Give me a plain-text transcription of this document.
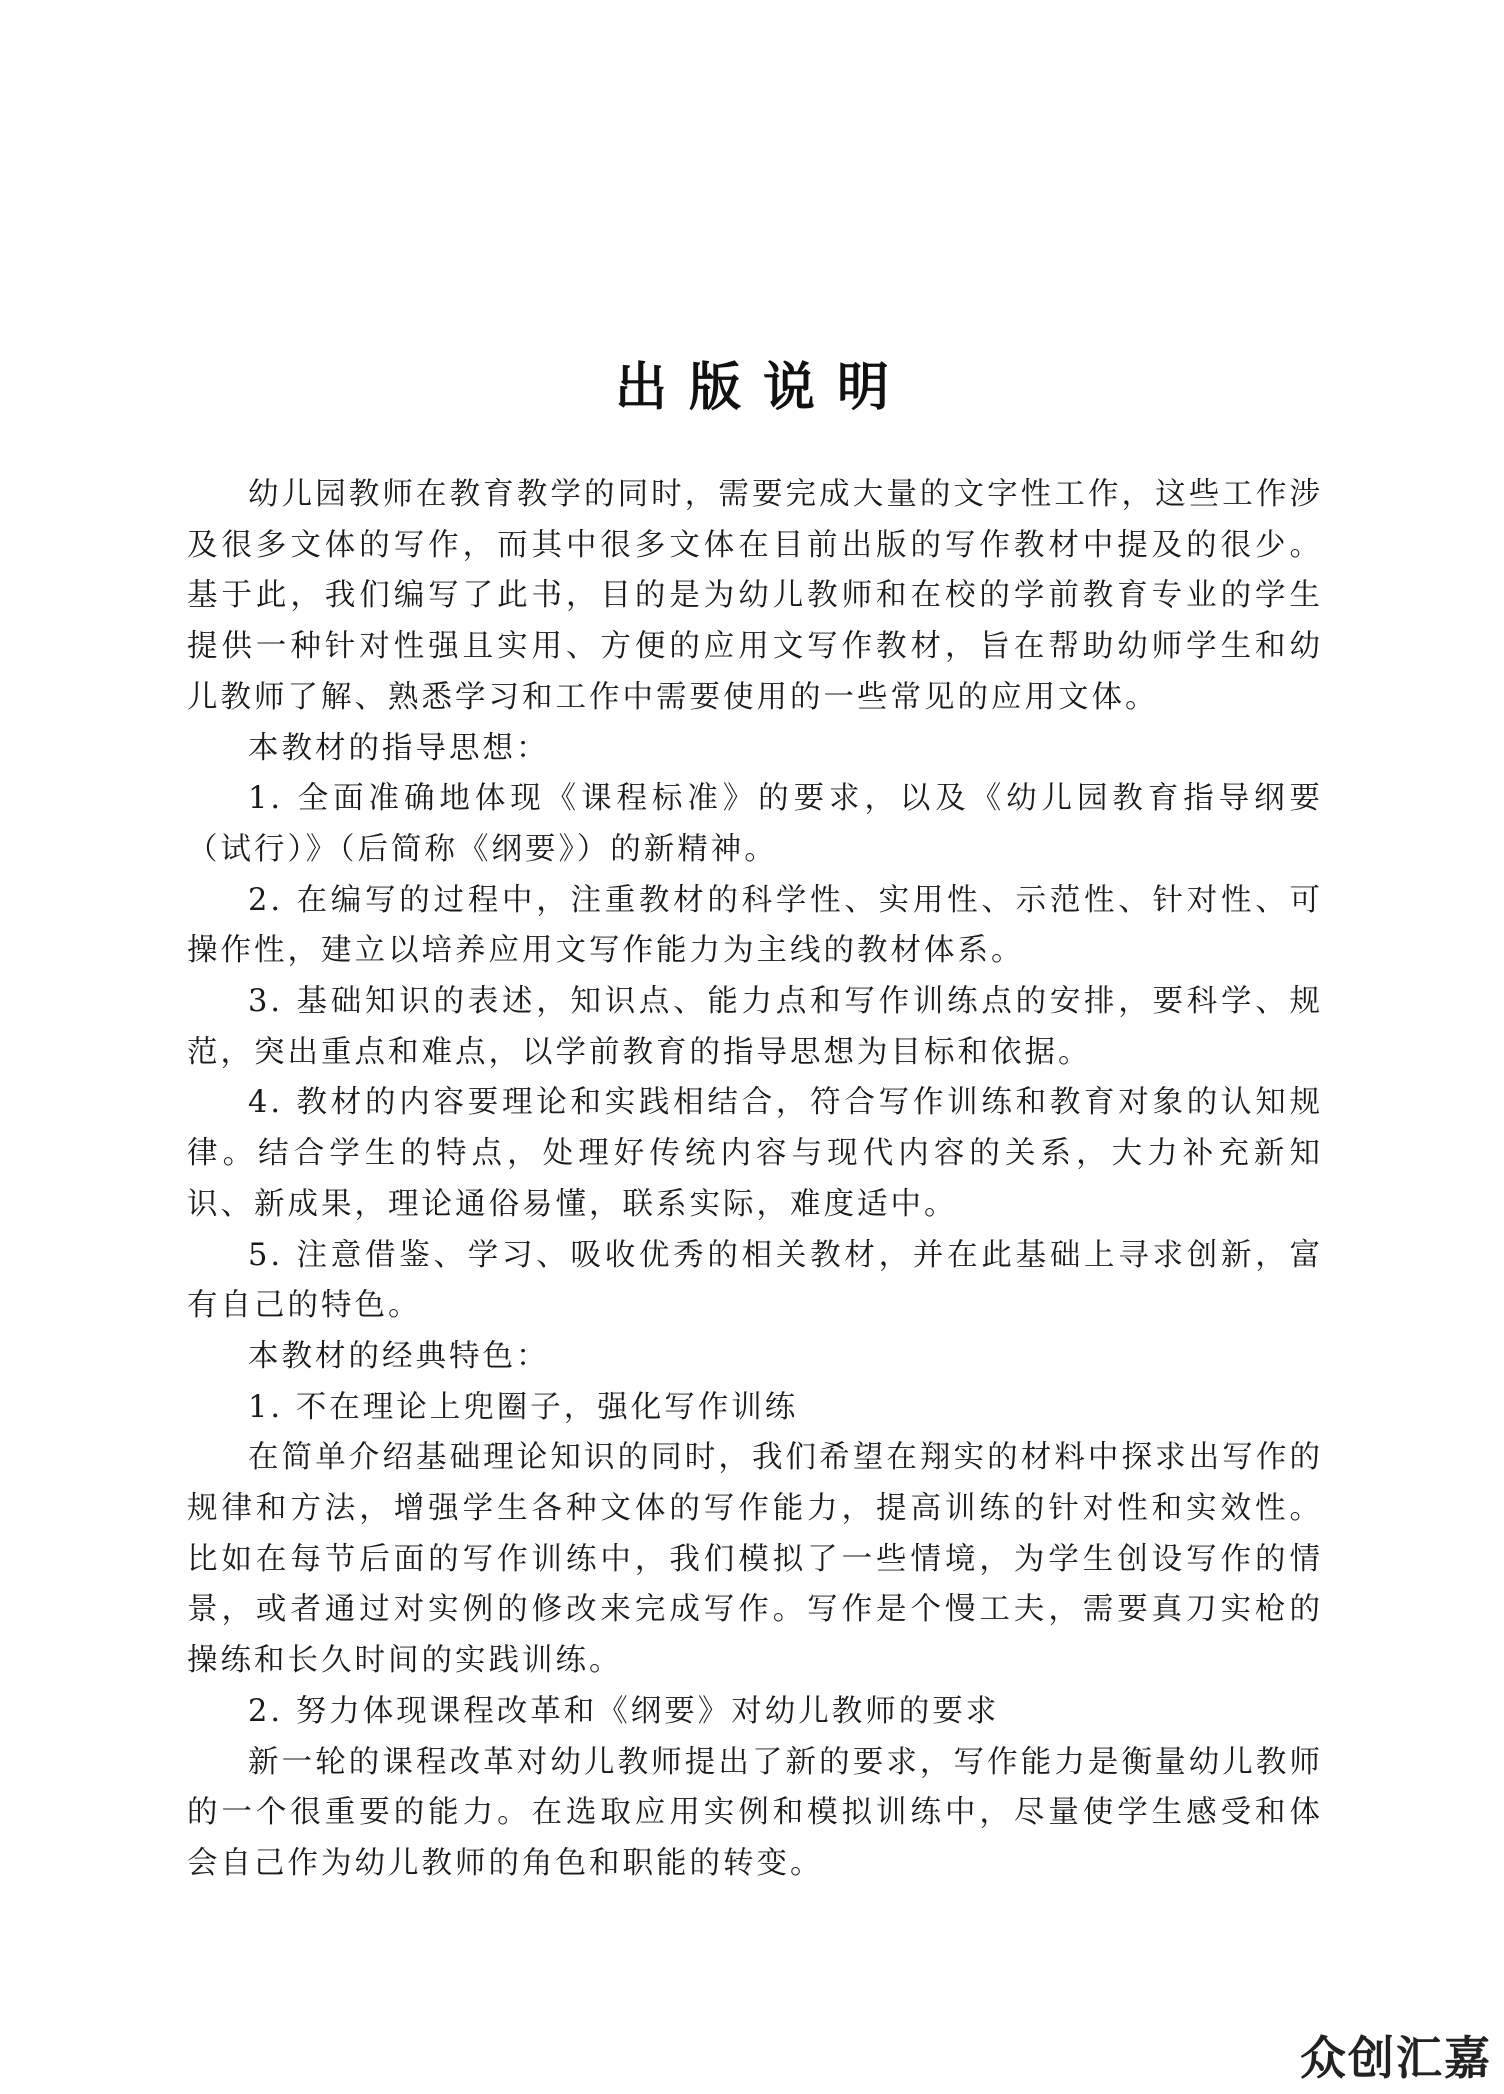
出版说明

幼儿园教师在教育教学的同时，需要完成大量的文字性工作，这些工作涉及很多文体的写作，而其中很多文体在目前出版的写作教材中提及的很少。基于此，我们编写了此书，目的是为幼儿教师和在校的学前教育专业的学生提供一种针对性强且实用、方便的应用文写作教材，旨在帮助幼师学生和幼儿教师了解、熟悉学习和工作中需要使用的一些常见的应用文体。

本教材的指导思想：

1. 全面准确地体现《课程标准》的要求，以及《幼儿园教育指导纲要（试行）》（后简称《纲要》）的新精神。

2. 在编写的过程中，注重教材的科学性、实用性、示范性、针对性、可操作性，建立以培养应用文写作能力为主线的教材体系。

3. 基础知识的表述，知识点、能力点和写作训练点的安排，要科学、规范，突出重点和难点，以学前教育的指导思想为目标和依据。

4. 教材的内容要理论和实践相结合，符合写作训练和教育对象的认知规律。结合学生的特点，处理好传统内容与现代内容的关系，大力补充新知识、新成果，理论通俗易懂，联系实际，难度适中。

5. 注意借鉴、学习、吸收优秀的相关教材，并在此基础上寻求创新，富有自己的特色。

本教材的经典特色：

1. 不在理论上兜圈子，强化写作训练

在简单介绍基础理论知识的同时，我们希望在翔实的材料中探求出写作的规律和方法，增强学生各种文体的写作能力，提高训练的针对性和实效性。比如在每节后面的写作训练中，我们模拟了一些情境，为学生创设写作的情景，或者通过对实例的修改来完成写作。写作是个慢工夫，需要真刀实枪的操练和长久时间的实践训练。

2. 努力体现课程改革和《纲要》对幼儿教师的要求

新一轮的课程改革对幼儿教师提出了新的要求，写作能力是衡量幼儿教师的一个很重要的能力。在选取应用实例和模拟训练中，尽量使学生感受和体会自己作为幼儿教师的角色和职能的转变。

众创汇嘉
